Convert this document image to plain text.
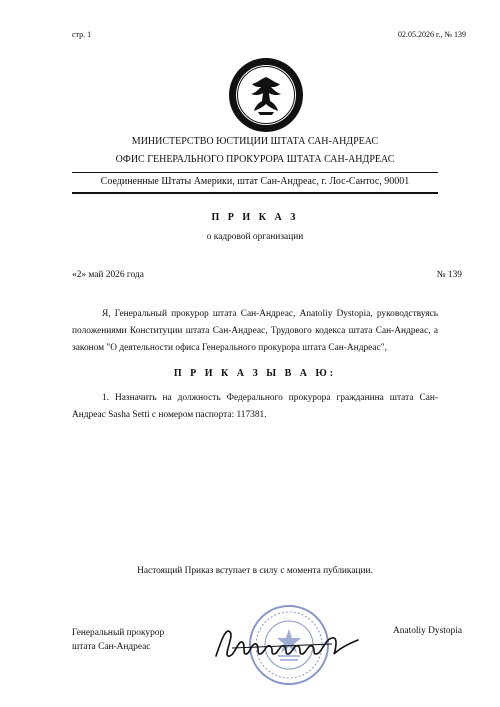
стр. 1	02.05.2026 г., № 139
МИНИСТЕРСТВО ЮСТИЦИИ ШТАТА САН-АНДРЕАС
ОФИС ГЕНЕРАЛЬНОГО ПРОКУРОРА ШТАТА САН-АНДРЕАС
Соединенные Штаты Америки, штат Сан-Андреас, г. Лос-Сантос, 90001
П Р И К А З
о кадровой организации
«2» май 2026 года	№ 139
Я, Генеральный прокурор штата Сан-Андреас, Anatoliy Dystopia, руководствуясь положениями Конституции штата Сан-Андреас, Трудового кодекса штата Сан-Андреас, а законом "О деятельности офиса Генерального прокурора штата Сан-Андреас",
П Р И К А З Ы В А Ю:
1. Назначить на должность Федерального прокурора гражданина штата Сан-Андреас Sasha Setti с номером паспорта: 117381.
Настоящий Приказ вступает в силу с момента публикации.
Генеральный прокурор
штата Сан-Андреас
Anatoliy Dystopia
